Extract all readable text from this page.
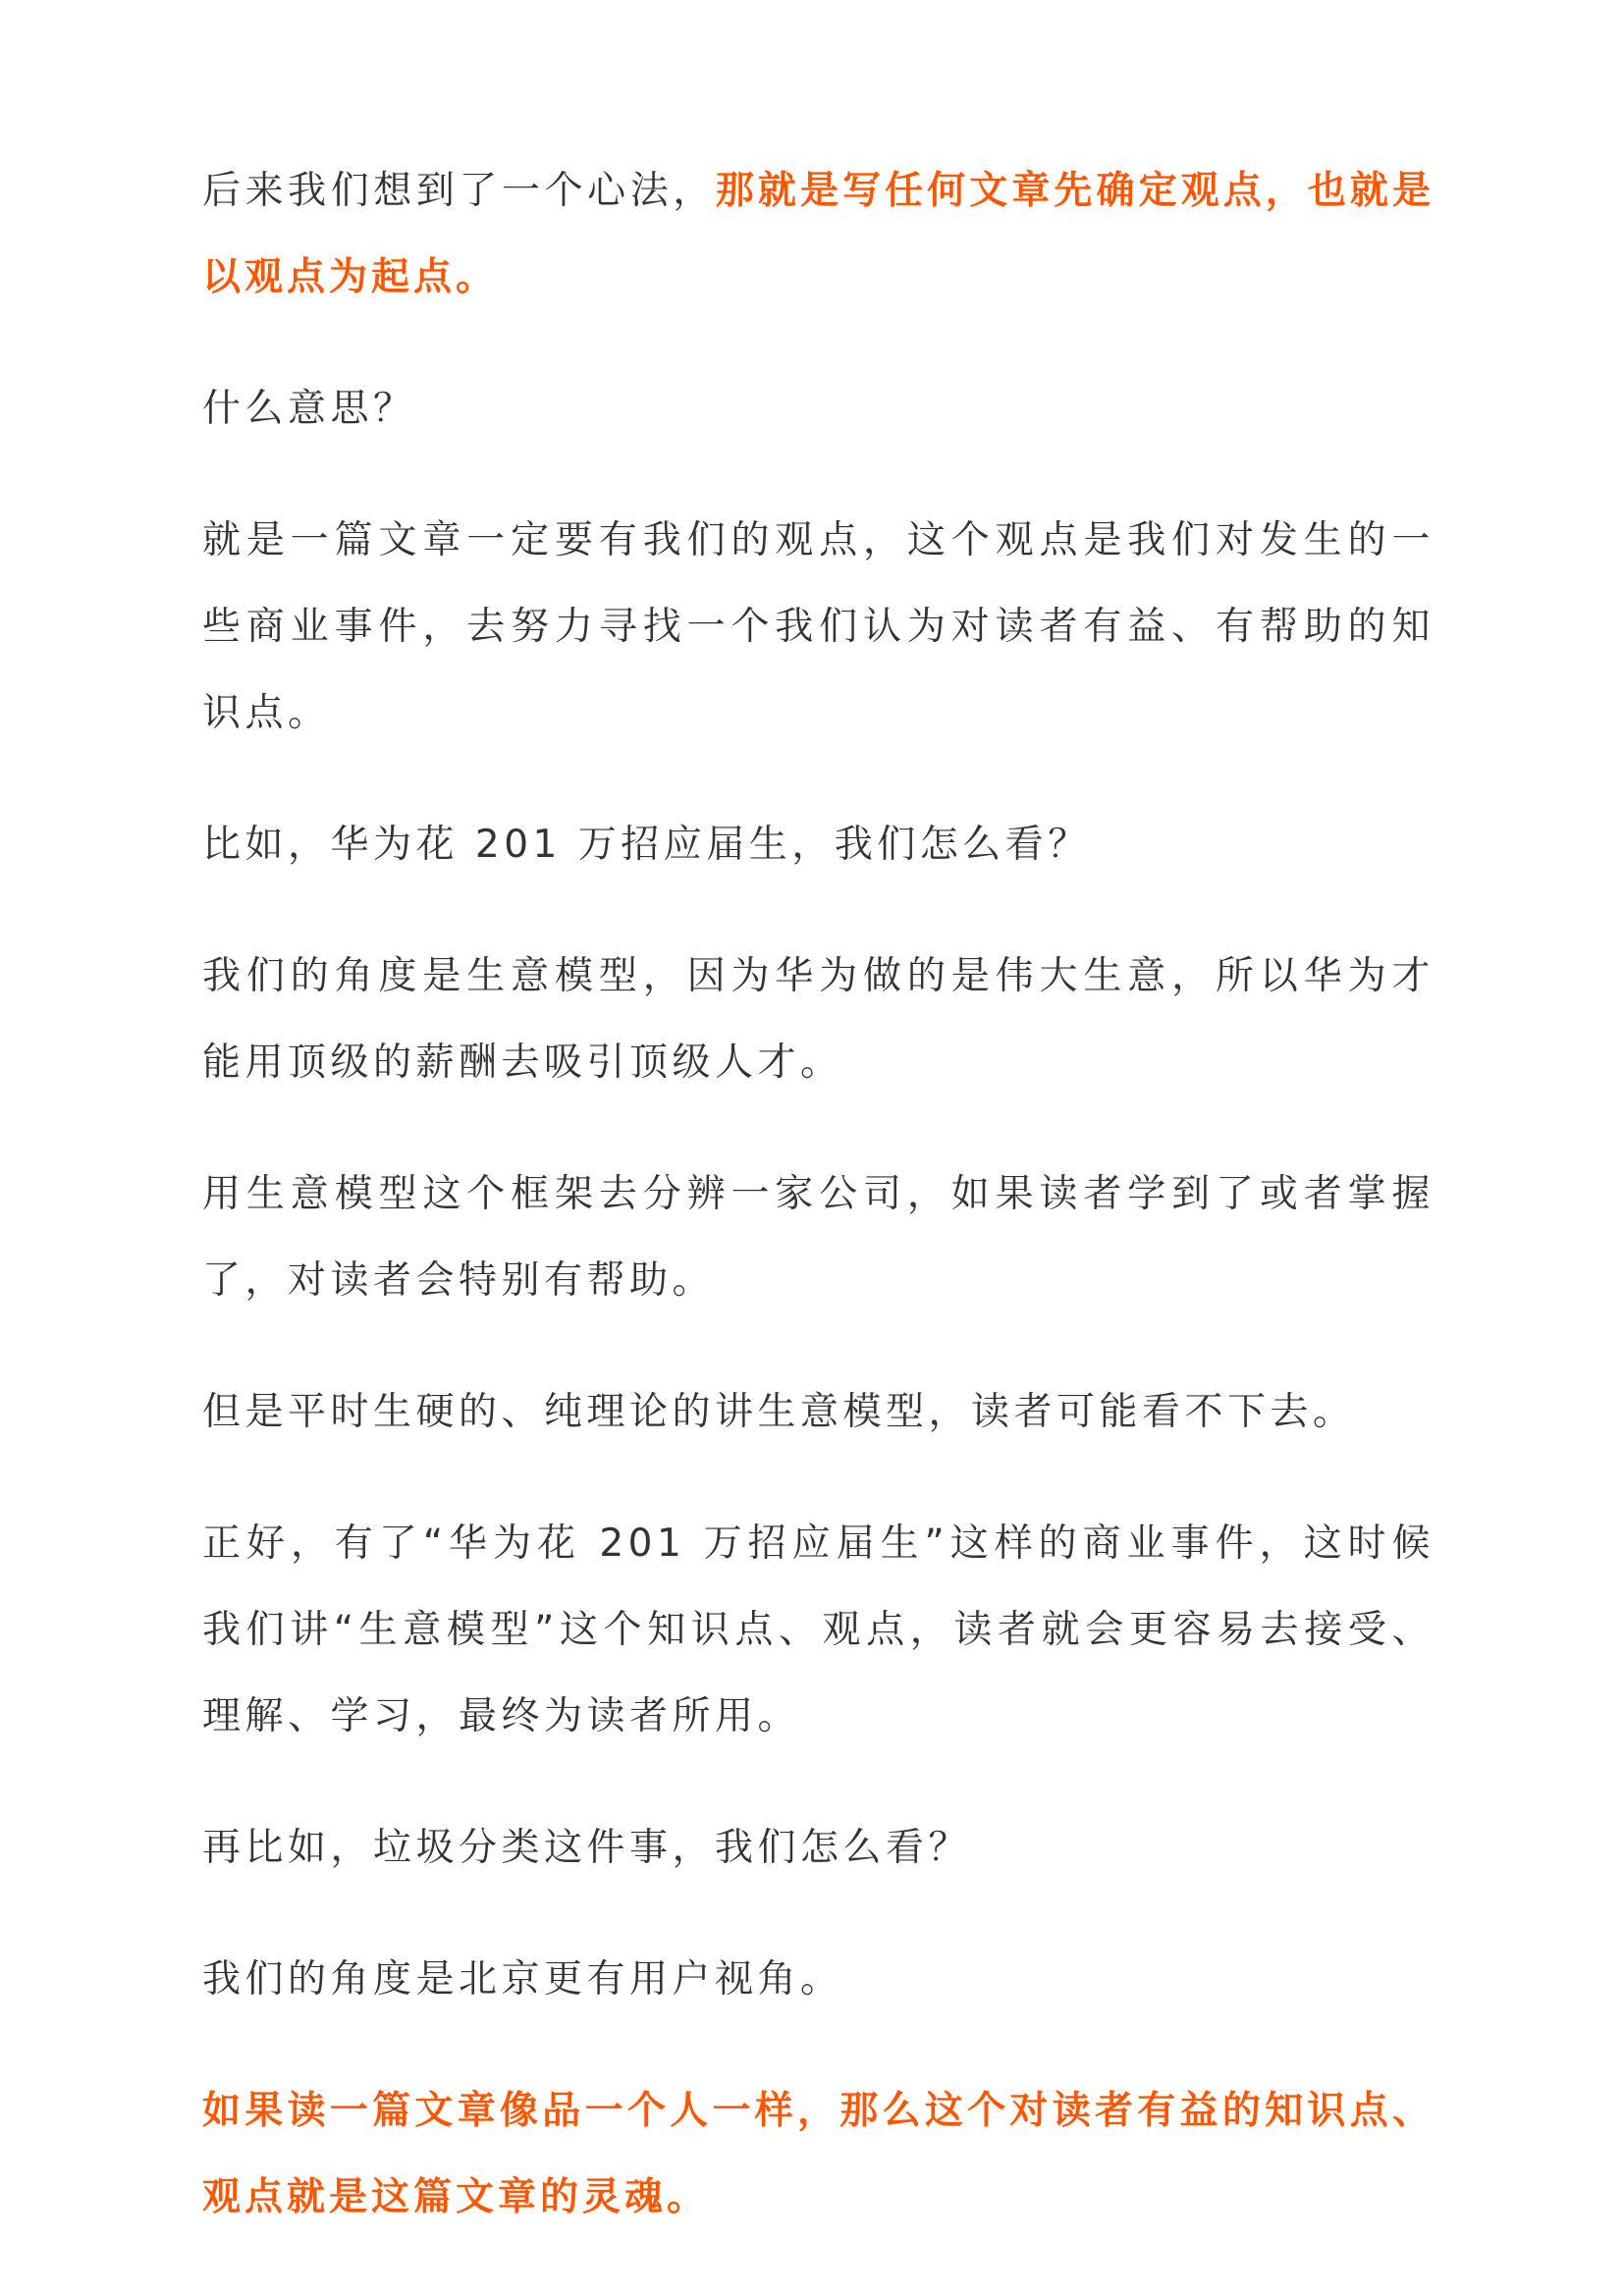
后来我们想到了一个心法，那就是写任何文章先确定观点，也就是以观点为起点。

什么意思？

就是一篇文章一定要有我们的观点，这个观点是我们对发生的一些商业事件，去努力寻找一个我们认为对读者有益、有帮助的知识点。

比如，华为花 201 万招应届生，我们怎么看？

我们的角度是生意模型，因为华为做的是伟大生意，所以华为才能用顶级的薪酬去吸引顶级人才。

用生意模型这个框架去分辨一家公司，如果读者学到了或者掌握了，对读者会特别有帮助。

但是平时生硬的、纯理论的讲生意模型，读者可能看不下去。

正好，有了“华为花 201 万招应届生”这样的商业事件，这时候我们讲“生意模型”这个知识点、观点，读者就会更容易去接受、理解、学习，最终为读者所用。

再比如，垃圾分类这件事，我们怎么看？

我们的角度是北京更有用户视角。

如果读一篇文章像品一个人一样，那么这个对读者有益的知识点、观点就是这篇文章的灵魂。
